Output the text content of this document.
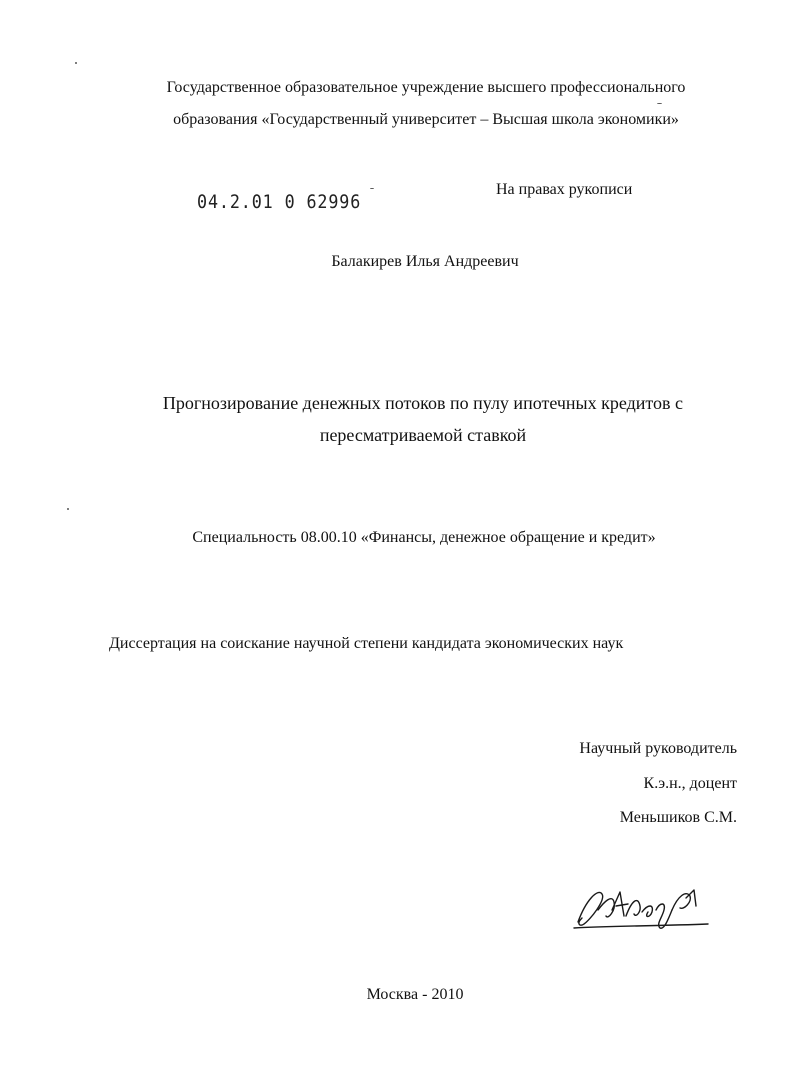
Государственное образовательное учреждение высшего профессионального
образования «Государственный университет – Высшая школа экономики»
04.2.01 0 62996
На правах рукописи
Балакирев Илья Андреевич
Прогнозирование денежных потоков по пулу ипотечных кредитов с
пересматриваемой ставкой
Специальность 08.00.10 «Финансы, денежное обращение и кредит»
Диссертация на соискание научной степени кандидата экономических наук
Научный руководитель
К.э.н., доцент
Меньшиков С.М.
Москва - 2010
